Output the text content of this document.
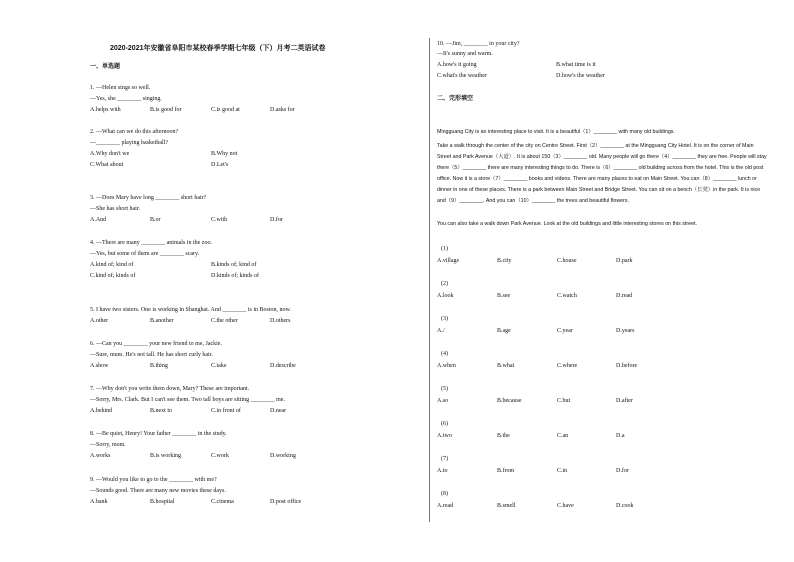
2020-2021年安徽省阜阳市某校春季学期七年级（下）月考二英语试卷
一、单选题
1. —Helen sings so well.
—Yes, she ________ singing.
A.helps with	B.is good for	C.is good at	D.asks for
2. —What can we do this afternoon?
—________ playing basketball?
A.Why don't we	B.Why not
C.What about	D.Let's
3. —Does Mary have long ________ short hair?
—She has short hair.
A.And	B.or	C.with	D.for
4. —There are many ________ animals in the zoo.
—Yes, but some of them are ________ scary.
A.kind of; kind of	B.kinds of; kind of
C.kind of; kinds of	D.kinds of; kinds of
5. I have two sisters. One is working in Shanghai. And ________ is in Boston, now.
A.other	B.another	C.the other	D.others
6. —Can you ________ your new friend to me, Jackie.
—Sure, mum. He's not tall. He has short curly hair.
A.show	B.thing	C.take	D.describe
7. —Why don't you write them down, Mary? These are important.
—Sorry, Mrs. Clark. But I can't see them. Two tall boys are sitting ________ me.
A.behind	B.next to	C.in front of	D.near
8. —Be quiet, Henry! Your father ________ in the study.
—Sorry, mom.
A.works	B.is working	C.work	D.working
9. —Would you like to go to the ________ with me?
—Sounds good. There are many new movies these days.
A.bank	B.hospital	C.cinema	D.post office
10. —Jim, ________ in your city?
—It's sunny and warm.
A.how's it going	B.what time is it
C.what's the weather	D.how's the weather
二、完形填空
Mingguang City is an interesting place to visit. It is a beautiful（1）________ with many old buildings.
Take a walk through the center of the city on Centre Street. First（2）________ at the Mingguang City Hotel. It is on the corner of Main Street and Park Avenue（大道）. It is about 150（3）________ old. Many people will go there（4）________ they are free. People will stay there（5）________ there are many interesting things to do. There is（6）________ old building across from the hotel. This is the old post office. Now it is a store（7）________ books and videos. There are many places to eat on Main Street. You can（8）________ lunch or dinner in one of these places. There is a park between Main Street and Bridge Street. You can sit on a bench（长凳）in the park. It is nice and（9）________. And you can（10）________ the trees and beautiful flowers.
You can also take a walk down Park Avenue. Look at the old buildings and little interesting stores on this street.
(1)
A.village	B.city	C.house	D.park
(2)
A.look	B.see	C.watch	D.read
(3)
A./	B.age	C.year	D.years
(4)
A.when	B.what	C.where	D.before
(5)
A.so	B.because	C.but	D.after
(6)
A.two	B.the	C.an	D.a
(7)
A.to	B.from	C.in	D.for
(8)
A.read	B.smell	C.have	D.cook
